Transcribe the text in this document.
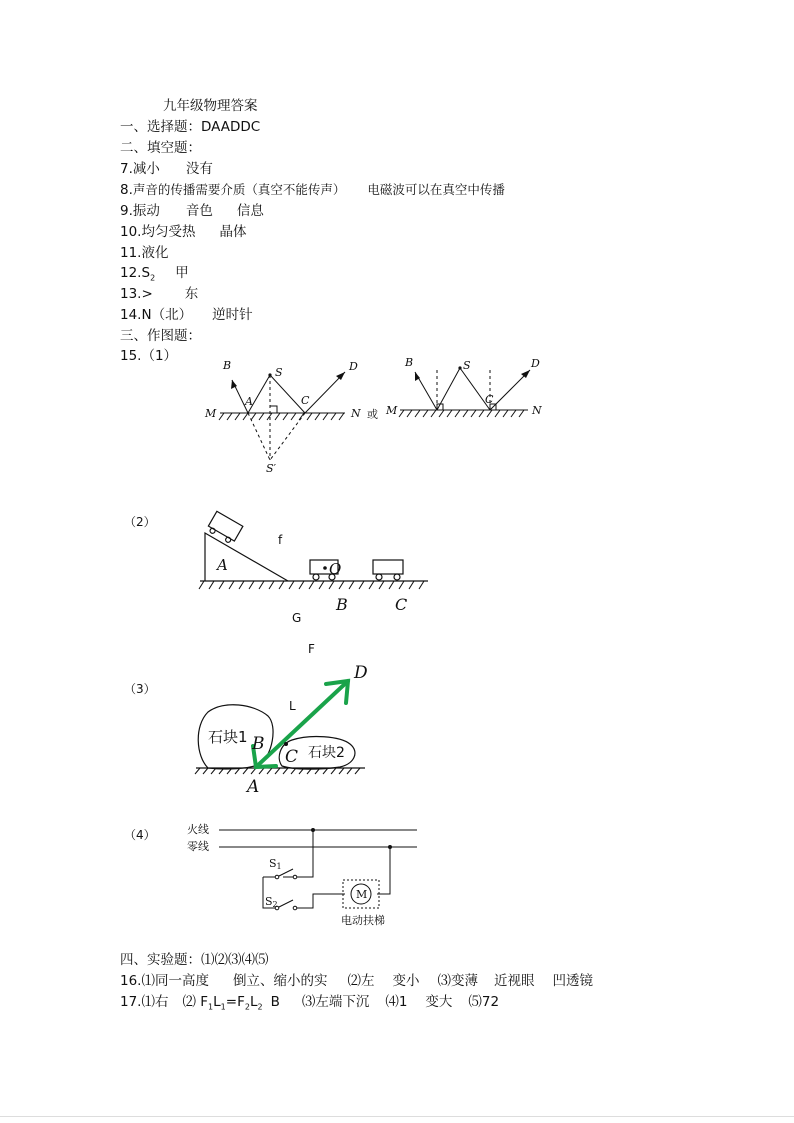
九年级物理答案
一、选择题：DAADDC
二、填空题：
7.减小 没有
8.声音的传播需要介质（真空不能传声） 电磁波可以在真空中传播
9.振动 音色 信息
10.均匀受热 晶体
11.液化
$12.S_2$ 甲
13.> 东
14.N（北） 逆时针
三、作图题：
15.（1）
B
S	D
A	C
M	N
S′
B	S	D
C
M	N
或
（2）
A	O
B	C
f
G
F
（3）
石块1
石块2
D
B
C
A
L
（4）	火线
零线
S1
S2
M
电动扶梯
四、实验题：⑴⑵⑶⑷⑸
16.⑴同一高度 倒立、缩小的实 ⑵左 变小 ⑶变薄 近视眼 凹透镜
17.⑴右 ⑵ $F_1L_1=F_2L_2$ B ⑶左端下沉 ⑷1 变大 ⑸72
